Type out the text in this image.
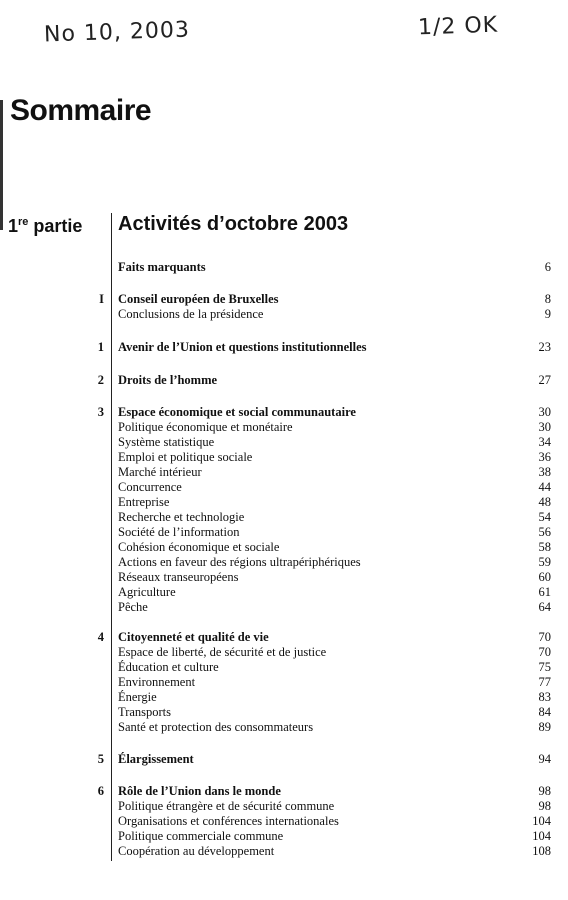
No 10, 2003	1/2 OK
Sommaire
1re partie Activités d’octobre 2003
Faits marquants	6
I Conseil européen de Bruxelles	8
Conclusions de la présidence	9
1 Avenir de l’Union et questions institutionnelles	23
2 Droits de l’homme	27
3 Espace économique et social communautaire	30
Politique économique et monétaire	30
Système statistique	34
Emploi et politique sociale	36
Marché intérieur	38
Concurrence	44
Entreprise	48
Recherche et technologie	54
Société de l’information	56
Cohésion économique et sociale	58
Actions en faveur des régions ultrapériphériques	59
Réseaux transeuropéens	60
Agriculture	61
Pêche	64
4 Citoyenneté et qualité de vie	70
Espace de liberté, de sécurité et de justice	70
Éducation et culture	75
Environnement	77
Énergie	83
Transports	84
Santé et protection des consommateurs	89
5 Élargissement	94
6 Rôle de l’Union dans le monde	98
Politique étrangère et de sécurité commune	98
Organisations et conférences internationales	104
Politique commerciale commune	104
Coopération au développement	108
